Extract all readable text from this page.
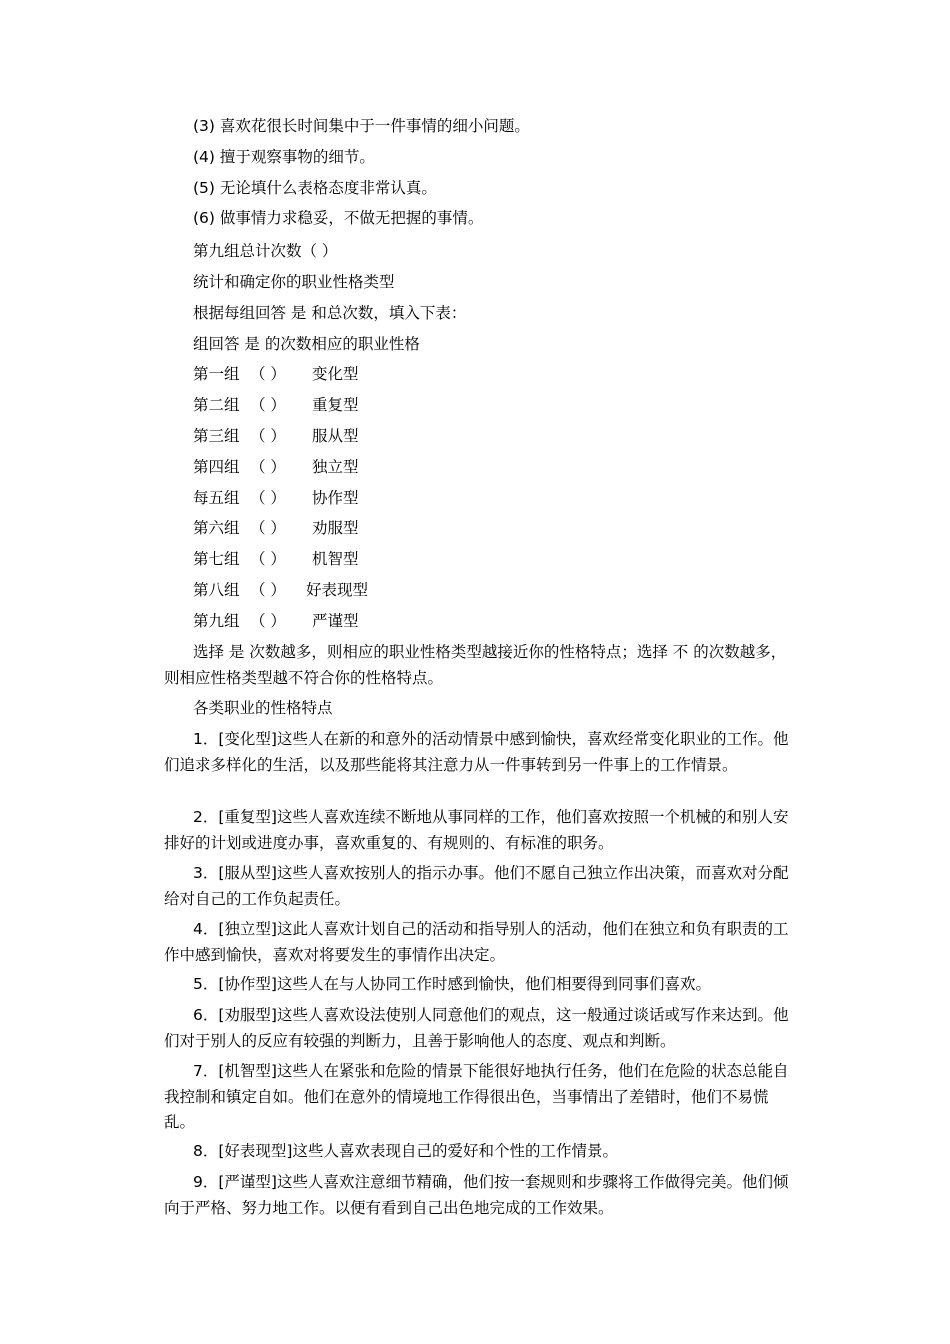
(3) 喜欢花很长时间集中于一件事情的细小问题。

(4) 擅于观察事物的细节。

(5) 无论填什么表格态度非常认真。

(6) 做事情力求稳妥，不做无把握的事情。

第九组总计次数（ ）

统计和确定你的职业性格类型

根据每组回答 是 和总次数，填入下表：

组回答 是 的次数相应的职业性格

第一组 （ ） 变化型
第二组 （ ） 重复型
第三组 （ ） 服从型
第四组 （ ） 独立型
每五组 （ ） 协作型
第六组 （ ） 劝服型
第七组 （ ） 机智型
第八组 （ ） 好表现型
第九组 （ ） 严谨型

选择 是 次数越多，则相应的职业性格类型越接近你的性格特点；选择 不 的次数越多，则相应性格类型越不符合你的性格特点。

各类职业的性格特点

1．[变化型]这些人在新的和意外的活动情景中感到愉快，喜欢经常变化职业的工作。他们追求多样化的生活，以及那些能将其注意力从一件事转到另一件事上的工作情景。

2．[重复型]这些人喜欢连续不断地从事同样的工作，他们喜欢按照一个机械的和别人安排好的计划或进度办事，喜欢重复的、有规则的、有标准的职务。

3．[服从型]这些人喜欢按别人的指示办事。他们不愿自己独立作出决策，而喜欢对分配给对自己的工作负起责任。

4．[独立型]这此人喜欢计划自己的活动和指导别人的活动，他们在独立和负有职责的工作中感到愉快，喜欢对将要发生的事情作出决定。

5．[协作型]这些人在与人协同工作时感到愉快，他们相要得到同事们喜欢。

6．[劝服型]这些人喜欢设法使别人同意他们的观点，这一般通过谈话或写作来达到。他们对于别人的反应有较强的判断力，且善于影响他人的态度、观点和判断。

7．[机智型]这些人在紧张和危险的情景下能很好地执行任务，他们在危险的状态总能自我控制和镇定自如。他们在意外的情境地工作得很出色，当事情出了差错时，他们不易慌乱。

8．[好表现型]这些人喜欢表现自己的爱好和个性的工作情景。

9．[严谨型]这些人喜欢注意细节精确，他们按一套规则和步骤将工作做得完美。他们倾向于严格、努力地工作。以便有看到自己出色地完成的工作效果。
